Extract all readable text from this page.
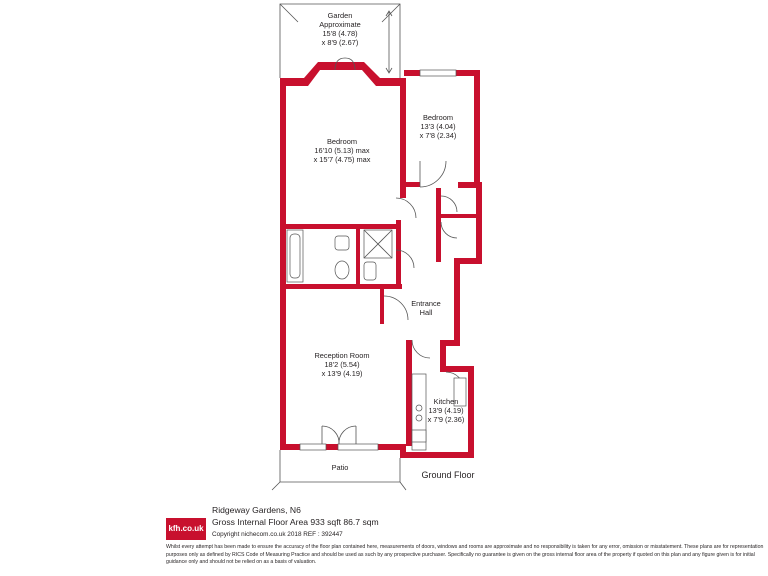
Garden
Approximate
15'8 (4.78)
x 8'9 (2.67)
Bedroom
16'10 (5.13) max
x 15'7 (4.75) max
Bedroom
13'3 (4.04)
x 7'8 (2.34)
Entrance
Hall
Reception Room
18'2 (5.54)
x 13'9 (4.19)
Kitchen
13'9 (4.19)
x 7'9 (2.36)
Patio
Ground Floor
kfh.co.uk
Ridgeway Gardens, N6
Gross Internal Floor Area 933 sqft 86.7 sqm
Copyright nichecom.co.uk 2018 REF : 392447
Whilst every attempt has been made to ensure the accuracy of the floor plan contained here, measurements of doors, windows and rooms are approximate and no responsibility is taken for any error, omission or misstatement. These plans are for representation purposes only as defined by RICS Code of Measuring Practice and should be used as such by any prospective purchaser. Specifically no guarantee is given on the gross internal floor area of the property if quoted on this plan and any figure given is for initial guidance only and should not be relied on as a basis of valuation.
